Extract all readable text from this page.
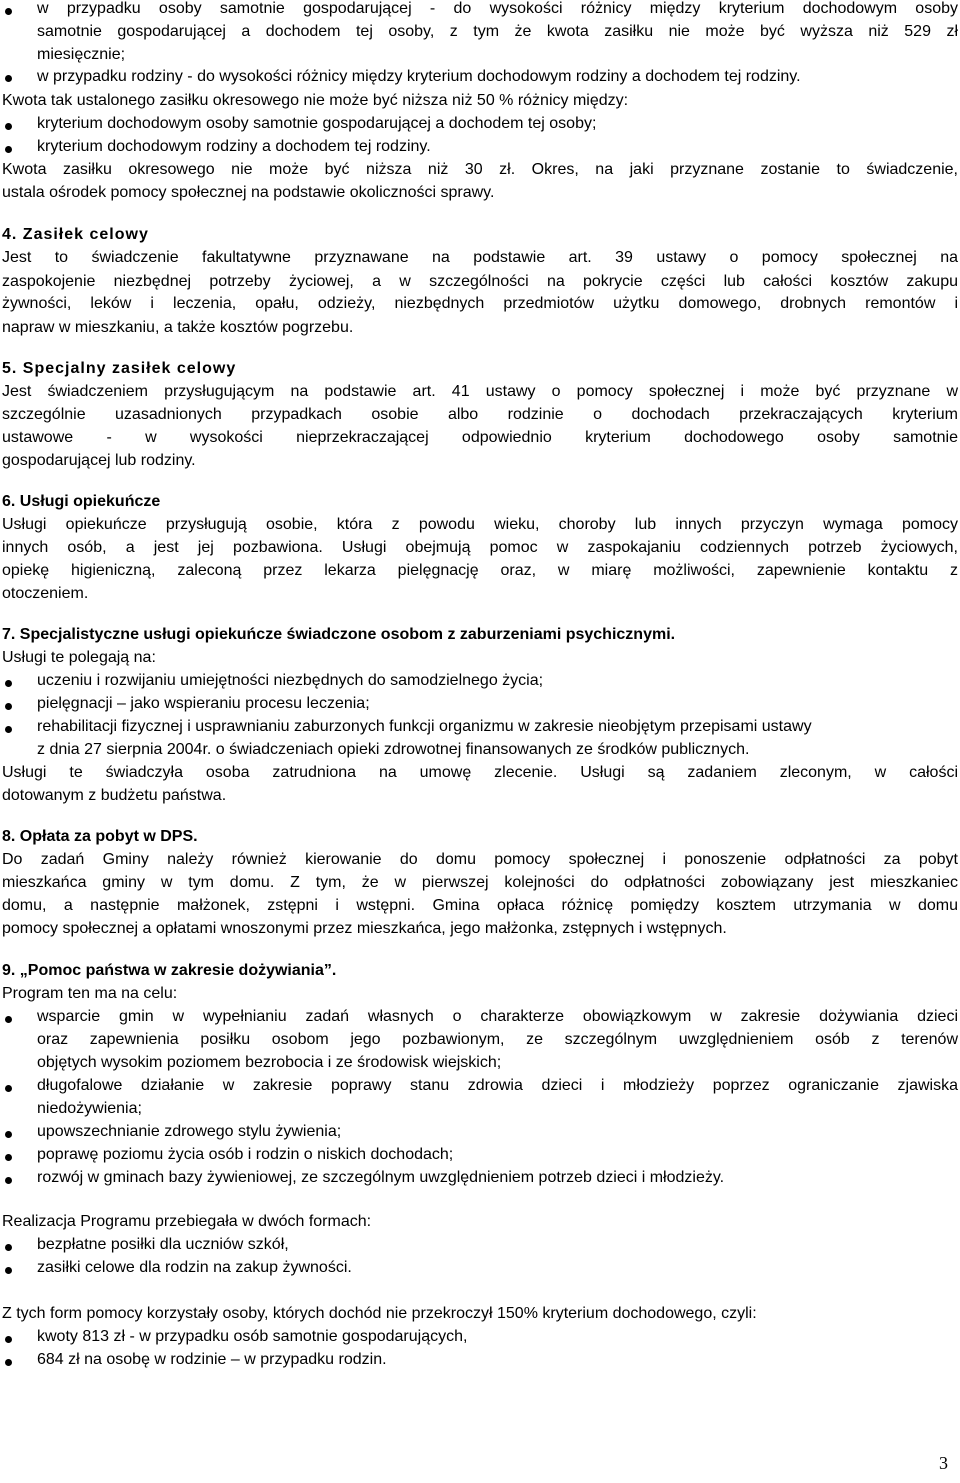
w przypadku osoby samotnie gospodarującej - do wysokości różnicy między kryterium dochodowym osoby
samotnie gospodarującej a dochodem tej osoby, z tym że kwota zasiłku nie może być wyższa niż 529 zł
miesięcznie;
w przypadku rodziny - do wysokości różnicy między kryterium dochodowym rodziny a dochodem tej rodziny.
Kwota tak ustalonego zasiłku okresowego nie może być niższa niż 50 % różnicy między:
kryterium dochodowym osoby samotnie gospodarującej a dochodem tej osoby;
kryterium dochodowym rodziny a dochodem tej rodziny.
Kwota zasiłku okresowego nie może być niższa niż 30 zł. Okres, na jaki przyznane zostanie to świadczenie,
ustala ośrodek pomocy społecznej na podstawie okoliczności sprawy.
4. Zasiłek celowy
Jest to świadczenie fakultatywne przyznawane na podstawie art. 39 ustawy o pomocy społecznej na
zaspokojenie niezbędnej potrzeby życiowej, a w szczególności na pokrycie części lub całości kosztów zakupu
żywności, leków i leczenia, opału, odzieży, niezbędnych przedmiotów użytku domowego, drobnych remontów i
napraw w mieszkaniu, a także kosztów pogrzebu.
5. Specjalny zasiłek celowy
Jest świadczeniem przysługującym na podstawie art. 41 ustawy o pomocy społecznej i może być przyznane w
szczególnie uzasadnionych przypadkach osobie albo rodzinie o dochodach przekraczających kryterium
ustawowe - w wysokości nieprzekraczającej odpowiednio kryterium dochodowego osoby samotnie
gospodarującej lub rodziny.
6. Usługi opiekuńcze
Usługi opiekuńcze przysługują osobie, która z powodu wieku, choroby lub innych przyczyn wymaga pomocy
innych osób, a jest jej pozbawiona. Usługi obejmują pomoc w zaspokajaniu codziennych potrzeb życiowych,
opiekę higieniczną, zaleconą przez lekarza pielęgnację oraz, w miarę możliwości, zapewnienie kontaktu z
otoczeniem.
7. Specjalistyczne usługi opiekuńcze świadczone osobom z zaburzeniami psychicznymi.
Usługi te polegają na:
uczeniu i rozwijaniu umiejętności niezbędnych do samodzielnego życia;
pielęgnacji – jako wspieraniu procesu leczenia;
rehabilitacji fizycznej i usprawnianiu zaburzonych funkcji organizmu w zakresie nieobjętym przepisami ustawy
z dnia 27 sierpnia 2004r. o świadczeniach opieki zdrowotnej finansowanych ze środków publicznych.
Usługi te świadczyła osoba zatrudniona na umowę zlecenie. Usługi są zadaniem zleconym, w całości
dotowanym z budżetu państwa.
8. Opłata za pobyt w DPS.
Do zadań Gminy należy również kierowanie do domu pomocy społecznej i ponoszenie odpłatności za pobyt
mieszkańca gminy w tym domu. Z tym, że w pierwszej kolejności do odpłatności zobowiązany jest mieszkaniec
domu, a następnie małżonek, zstępni i wstępni. Gmina opłaca różnicę pomiędzy kosztem utrzymania w domu
pomocy społecznej a opłatami wnoszonymi przez mieszkańca, jego małżonka, zstępnych i wstępnych.
9. „Pomoc państwa w zakresie dożywiania”.
Program ten ma na celu:
wsparcie gmin w wypełnianiu zadań własnych o charakterze obowiązkowym w zakresie dożywiania dzieci
oraz zapewnienia posiłku osobom jego pozbawionym, ze szczególnym uwzględnieniem osób z terenów
objętych wysokim poziomem bezrobocia i ze środowisk wiejskich;
długofalowe działanie w zakresie poprawy stanu zdrowia dzieci i młodzieży poprzez ograniczanie zjawiska
niedożywienia;
upowszechnianie zdrowego stylu żywienia;
poprawę poziomu życia osób i rodzin o niskich dochodach;
rozwój w gminach bazy żywieniowej, ze szczególnym uwzględnieniem potrzeb dzieci i młodzieży.
Realizacja Programu przebiegała w dwóch formach:
bezpłatne posiłki dla uczniów szkół,
zasiłki celowe dla rodzin na zakup żywności.
Z tych form pomocy korzystały osoby, których dochód nie przekroczył 150% kryterium dochodowego, czyli:
kwoty 813 zł - w przypadku osób samotnie gospodarujących,
684 zł na osobę w rodzinie – w przypadku rodzin.
3
